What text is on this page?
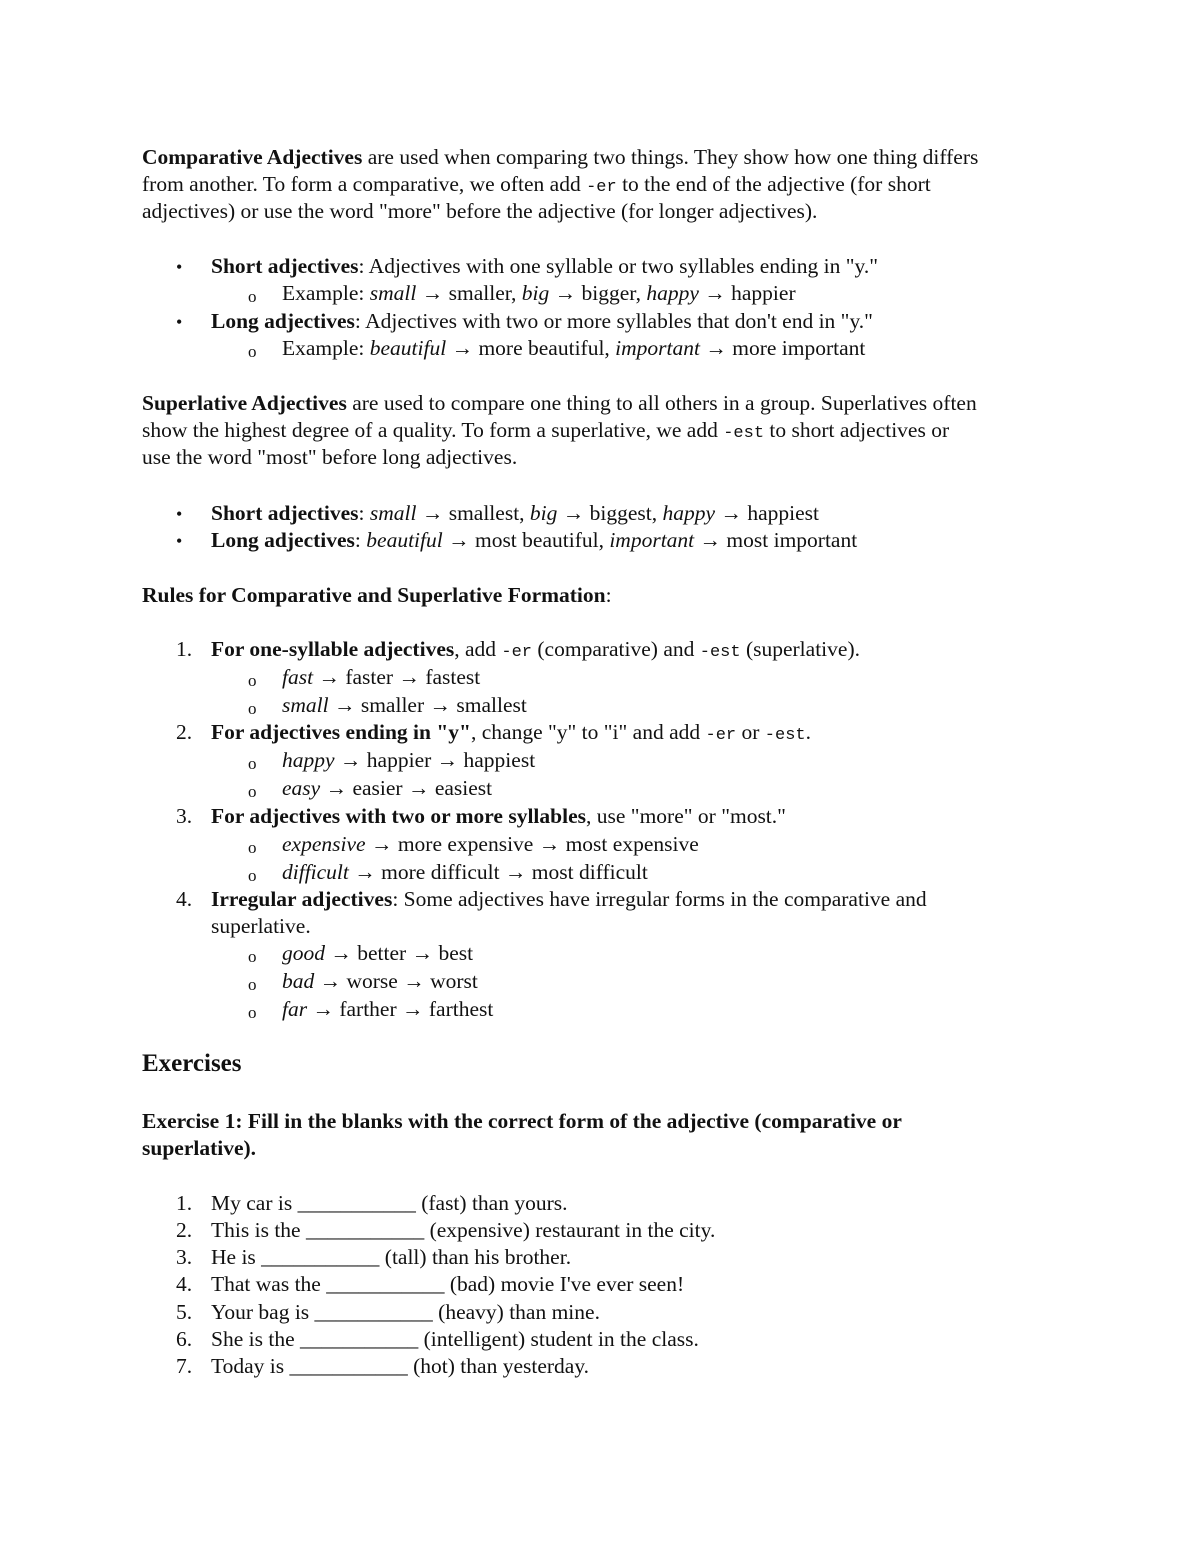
Comparative Adjectives are used when comparing two things. They show how one thing differs
from another. To form a comparative, we often add -er to the end of the adjective (for short
adjectives) or use the word "more" before the adjective (for longer adjectives).
• Short adjectives: Adjectives with one syllable or two syllables ending in "y."
o Example: small → smaller, big → bigger, happy → happier
• Long adjectives: Adjectives with two or more syllables that don't end in "y."
o Example: beautiful → more beautiful, important → more important
Superlative Adjectives are used to compare one thing to all others in a group. Superlatives often
show the highest degree of a quality. To form a superlative, we add -est to short adjectives or
use the word "most" before long adjectives.
• Short adjectives: small → smallest, big → biggest, happy → happiest
• Long adjectives: beautiful → most beautiful, important → most important
Rules for Comparative and Superlative Formation:
1. For one-syllable adjectives, add -er (comparative) and -est (superlative).
o fast → faster → fastest
o small → smaller → smallest
2. For adjectives ending in "y", change "y" to "i" and add -er or -est.
o happy → happier → happiest
o easy → easier → easiest
3. For adjectives with two or more syllables, use "more" or "most."
o expensive → more expensive → most expensive
o difficult → more difficult → most difficult
4. Irregular adjectives: Some adjectives have irregular forms in the comparative and
superlative.
o good → better → best
o bad → worse → worst
o far → farther → farthest
Exercises
Exercise 1: Fill in the blanks with the correct form of the adjective (comparative or
superlative).
1. My car is ___________ (fast) than yours.
2. This is the ___________ (expensive) restaurant in the city.
3. He is ___________ (tall) than his brother.
4. That was the ___________ (bad) movie I've ever seen!
5. Your bag is ___________ (heavy) than mine.
6. She is the ___________ (intelligent) student in the class.
7. Today is ___________ (hot) than yesterday.
